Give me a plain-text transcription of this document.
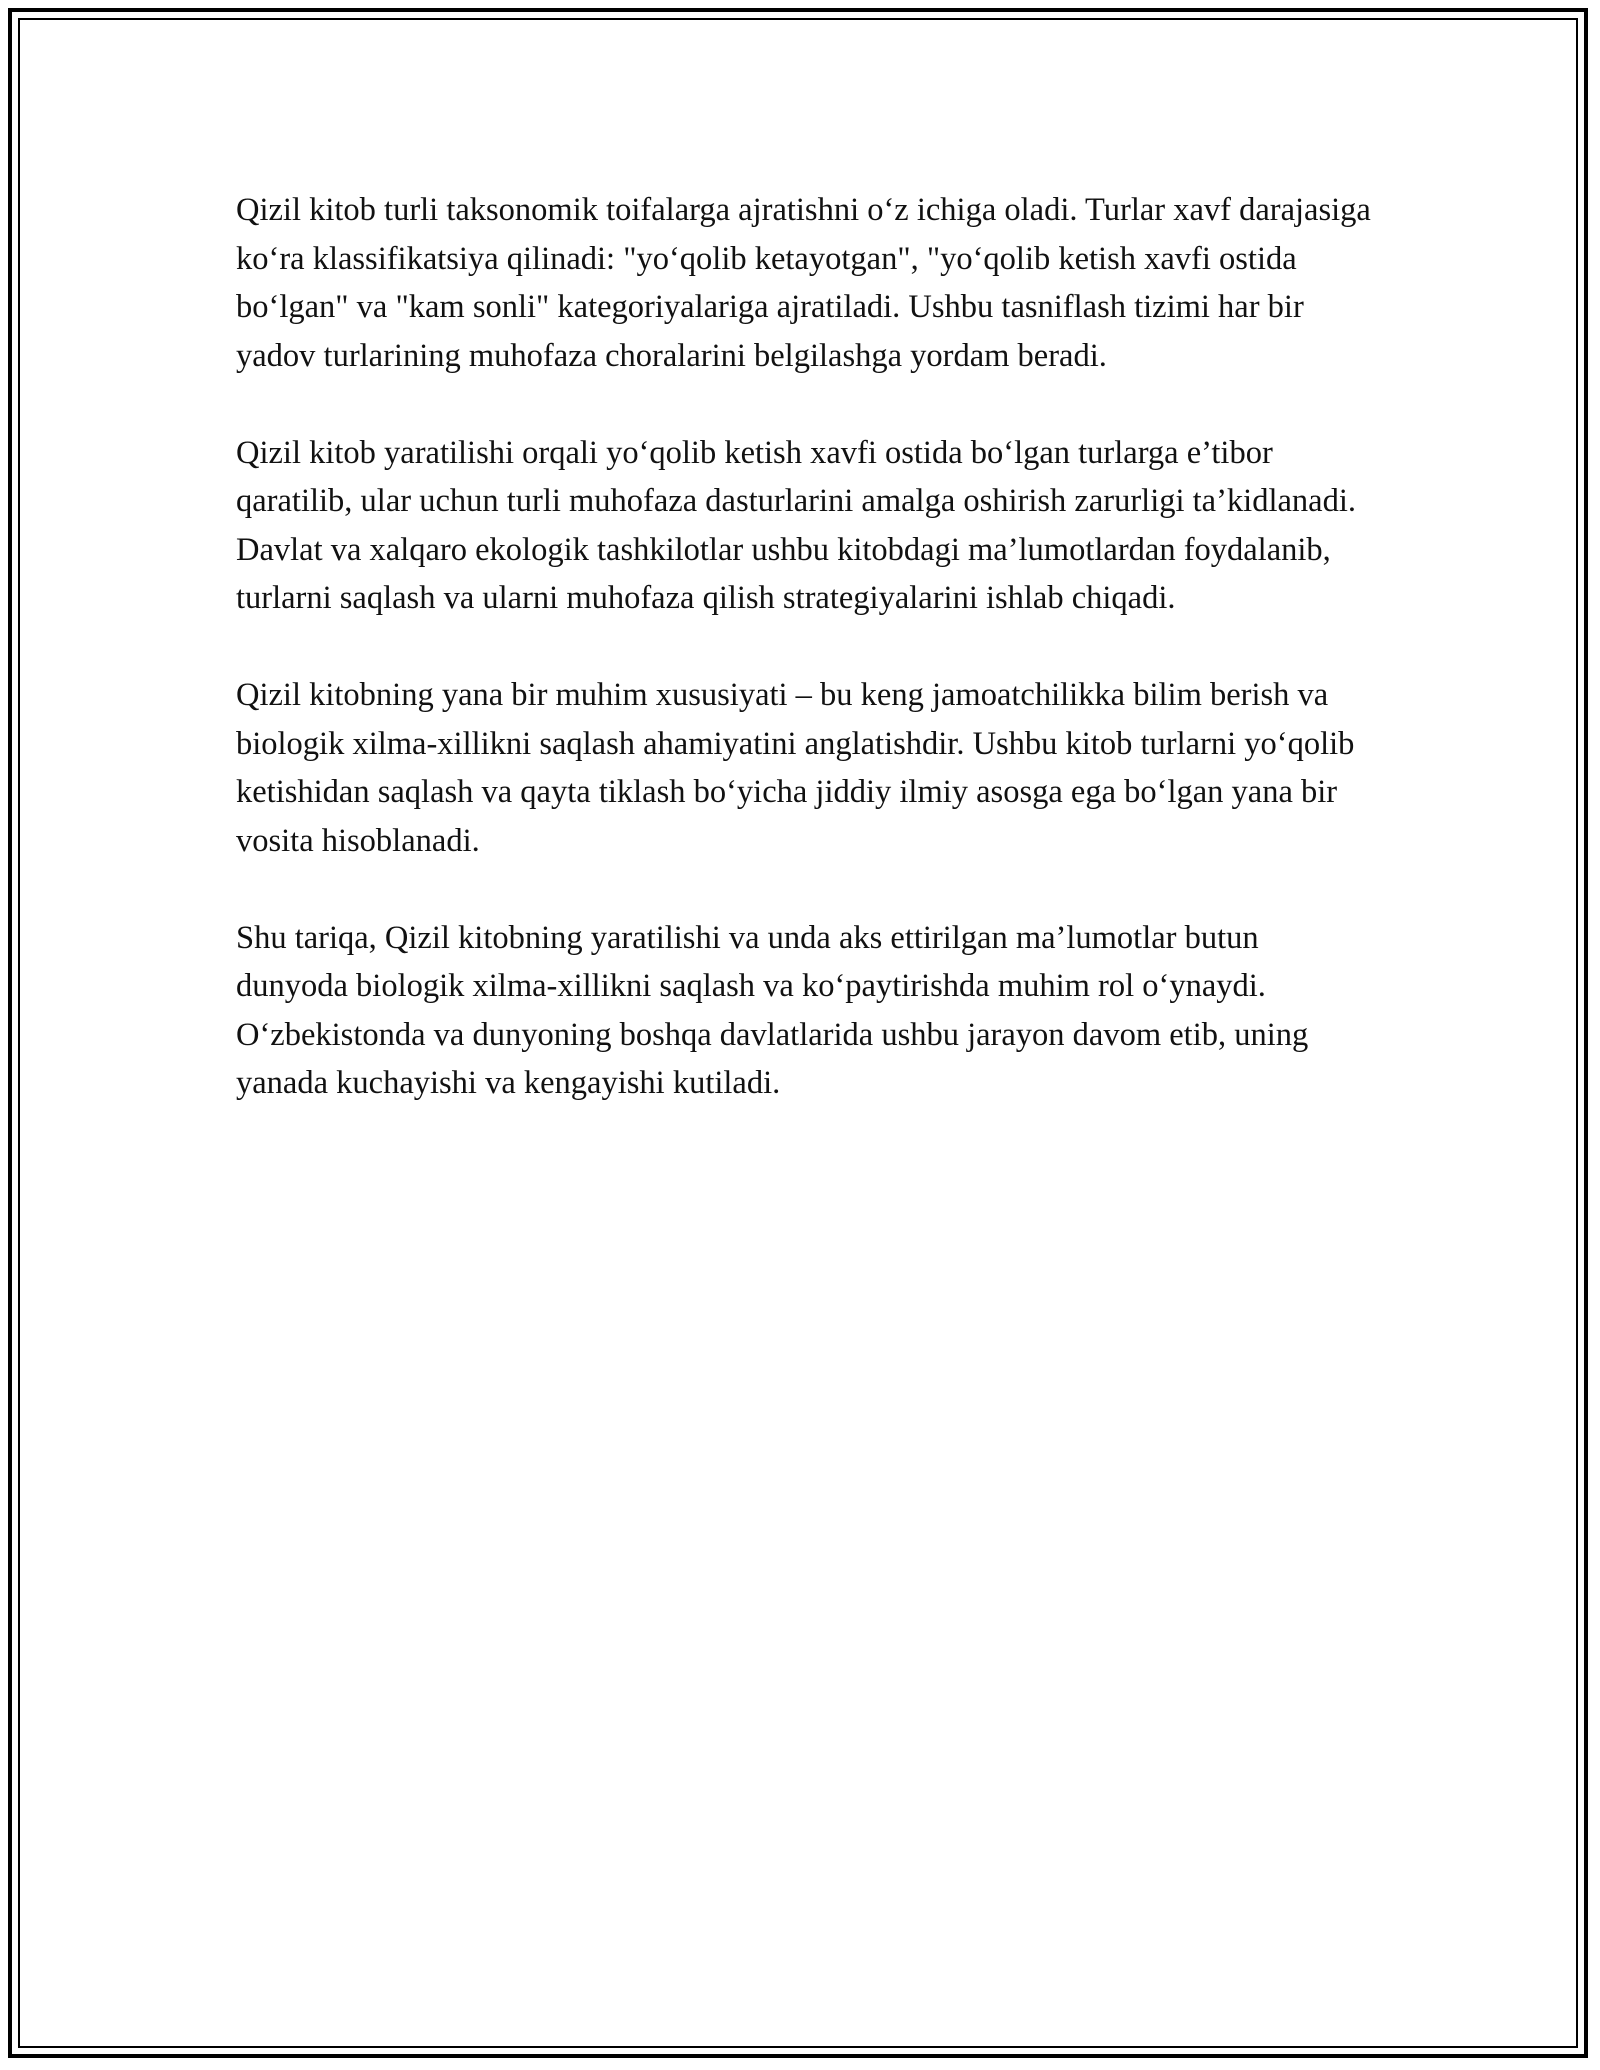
Qizil kitob turli taksonomik toifalarga ajratishni o‘z ichiga oladi. Turlar xavf darajasiga ko‘ra klassifikatsiya qilinadi: "yo‘qolib ketayotgan", "yo‘qolib ketish xavfi ostida bo‘lgan" va "kam sonli" kategoriyalariga ajratiladi. Ushbu tasniflash tizimi har bir yadov turlarining muhofaza choralarini belgilashga yordam beradi.

Qizil kitob yaratilishi orqali yo‘qolib ketish xavfi ostida bo‘lgan turlarga e’tibor qaratilib, ular uchun turli muhofaza dasturlarini amalga oshirish zarurligi ta’kidlanadi. Davlat va xalqaro ekologik tashkilotlar ushbu kitobdagi ma’lumotlardan foydalanib, turlarni saqlash va ularni muhofaza qilish strategiyalarini ishlab chiqadi.

Qizil kitobning yana bir muhim xususiyati – bu keng jamoatchilikka bilim berish va biologik xilma-xillikni saqlash ahamiyatini anglatishdir. Ushbu kitob turlarni yo‘qolib ketishidan saqlash va qayta tiklash bo‘yicha jiddiy ilmiy asosga ega bo‘lgan yana bir vosita hisoblanadi.

Shu tariqa, Qizil kitobning yaratilishi va unda aks ettirilgan ma’lumotlar butun dunyoda biologik xilma-xillikni saqlash va ko‘paytirishda muhim rol o‘ynaydi. O‘zbekistonda va dunyoning boshqa davlatlarida ushbu jarayon davom etib, uning yanada kuchayishi va kengayishi kutiladi.
